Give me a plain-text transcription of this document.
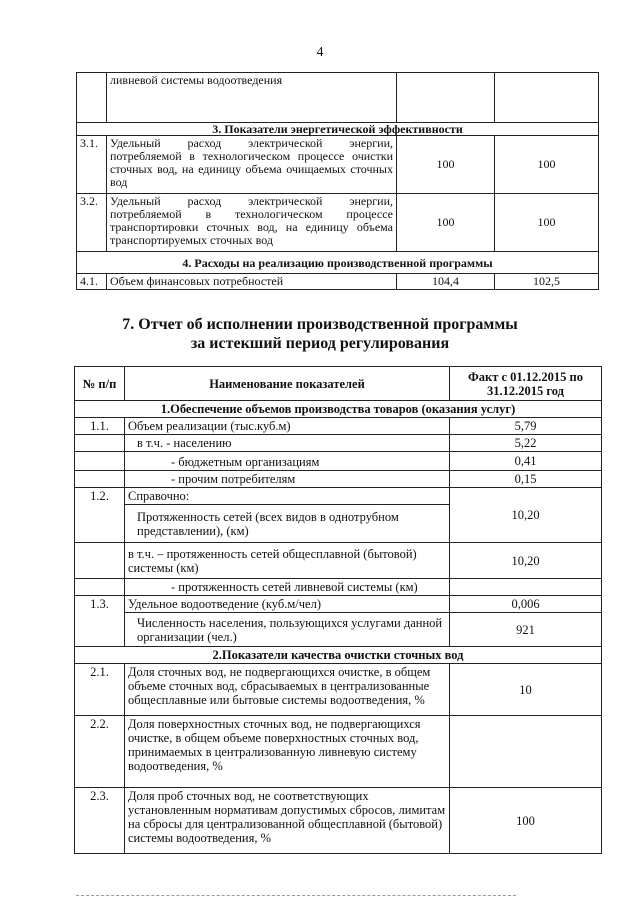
4
	ливневой системы водоотведения		
3. Показатели энергетической эффективности			
3.1.	Удельный расход электрической энергии, потребляемой в технологическом процессе очистки сточных вод, на единицу объема очищаемых сточных вод	100	100
3.2.	Удельный расход электрической энергии, потребляемой в технологическом процессе транспортировки сточных вод, на единицу объема транспортируемых сточных вод	100	100
4. Расходы на реализацию производственной программы			
4.1.	Объем финансовых потребностей	104,4	102,5
7. Отчет об исполнении производственной программы
за истекший период регулирования
№ п/п	Наименование показателей	Факт с 01.12.2015 по 31.12.2015 год
1.Обеспечение объемов производства товаров (оказания услуг)		
1.1.	Объем реализации (тыс.куб.м)	5,79
	в т.ч. - населению	5,22
	- бюджетным организациям	0,41
	- прочим потребителям	0,15
1.2.	Справочно:	10,20
	Протяженность сетей (всех видов в однотрубном представлении), (км)	
	в т.ч. – протяженность сетей общесплавной (бытовой) системы (км)	10,20
	- протяженность сетей ливневой системы (км)	
1.3.	Удельное водоотведение (куб.м/чел)	0,006
	Численность населения, пользующихся услугами данной организации (чел.)	921
2.Показатели качества очистки сточных вод		
2.1.	Доля сточных вод, не подвергающихся очистке, в общем объеме сточных вод, сбрасываемых в централизованные общесплавные или бытовые системы водоотведения, %	10
2.2.	Доля поверхностных сточных вод, не подвергающихся очистке, в общем объеме поверхностных сточных вод, принимаемых в централизованную ливневую систему водоотведения, %	
2.3.	Доля проб сточных вод, не соответствующих установленным нормативам допустимых сбросов, лимитам на сбросы для централизованной общесплавной (бытовой) системы водоотведения, %	100
